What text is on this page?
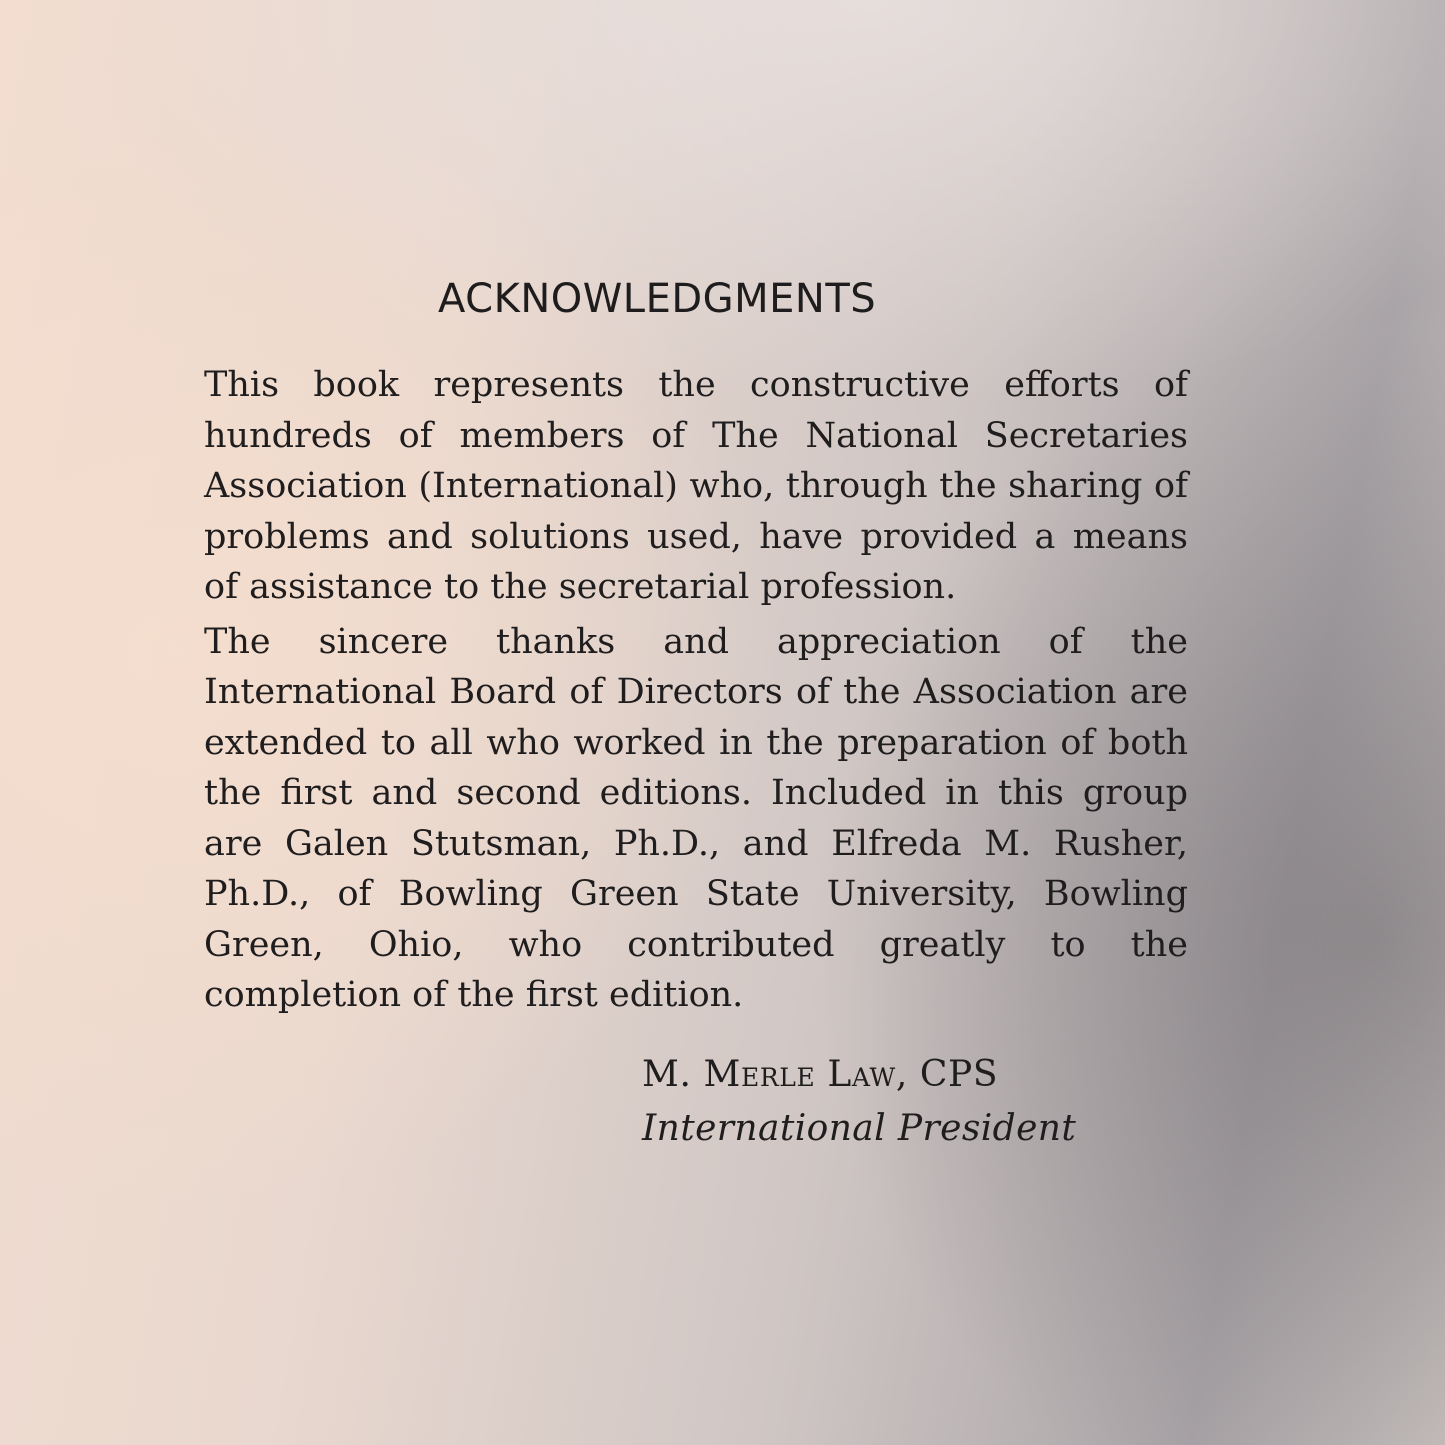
ACKNOWLEDGMENTS

This book represents the constructive efforts of hundreds of members of The National Secretaries Association (International) who, through the sharing of problems and solutions used, have provided a means of assistance to the secretarial profession.

The sincere thanks and appreciation of the International Board of Directors of the Association are extended to all who worked in the preparation of both the first and second editions. Included in this group are Galen Stutsman, Ph.D., and Elfreda M. Rusher, Ph.D., of Bowling Green State University, Bowling Green, Ohio, who contributed greatly to the completion of the first edition.

M. Merle Law, CPS
International President
